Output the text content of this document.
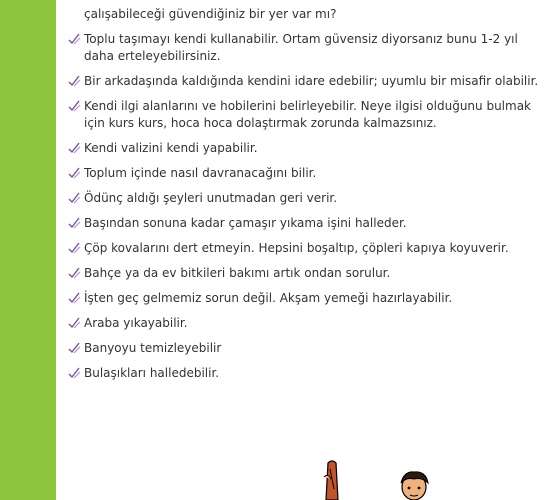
çalışabileceği güvendiğiniz bir yer var mı?
Toplu taşımayı kendi kullanabilir. Ortam güvensiz diyorsanız bunu 1-2 yıl daha erteleyebilirsiniz.
Bir arkadaşında kaldığında kendini idare edebilir; uyumlu bir misafir olabilir.
Kendi ilgi alanlarını ve hobilerini belirleyebilir. Neye ilgisi olduğunu bulmak için kurs kurs, hoca hoca dolaştırmak zorunda kalmazsınız.
Kendi valizini kendi yapabilir.
Toplum içinde nasıl davranacağını bilir.
Ödünç aldığı şeyleri unutmadan geri verir.
Başından sonuna kadar çamaşır yıkama işini halleder.
Çöp kovalarını dert etmeyin. Hepsini boşaltıp, çöpleri kapıya koyuverir.
Bahçe ya da ev bitkileri bakımı artık ondan sorulur.
İşten geç gelmemiz sorun değil. Akşam yemeği hazırlayabilir.
Araba yıkayabilir.
Banyoyu temizleyebilir
Bulaşıkları halledebilir.
